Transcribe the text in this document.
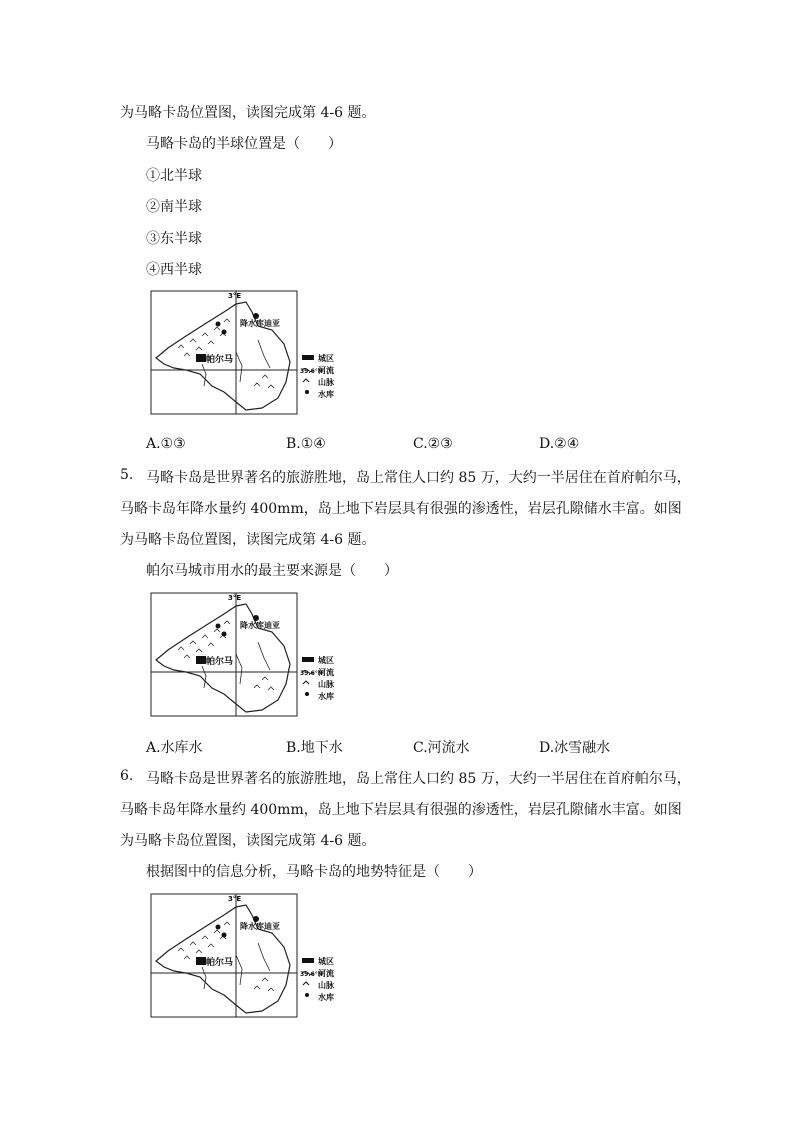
为马略卡岛位置图，读图完成第 4-6 题。
马略卡岛的半球位置是（　　）
①北半球
②南半球
③东半球
④西半球
3°E
降水库迪亚
帕尔马
39.6°N
城区
河流
山脉
水库
A.①③	B.①④	C.②③	D.②④
5. 马略卡岛是世界著名的旅游胜地，岛上常住人口约 85 万，大约一半居住在首府帕尔马，
马略卡岛年降水量约 400mm，岛上地下岩层具有很强的渗透性，岩层孔隙储水丰富。如图
为马略卡岛位置图，读图完成第 4-6 题。
帕尔马城市用水的最主要来源是（　　）
3°E
降水库迪亚
帕尔马
39.6°N
城区
河流
山脉
水库
A.水库水	B.地下水	C.河流水	D.冰雪融水
6. 马略卡岛是世界著名的旅游胜地，岛上常住人口约 85 万，大约一半居住在首府帕尔马，
马略卡岛年降水量约 400mm，岛上地下岩层具有很强的渗透性，岩层孔隙储水丰富。如图
为马略卡岛位置图，读图完成第 4-6 题。
根据图中的信息分析，马略卡岛的地势特征是（　　）
3°E
降水库迪亚
帕尔马
39.6°N
城区
河流
山脉
水库
